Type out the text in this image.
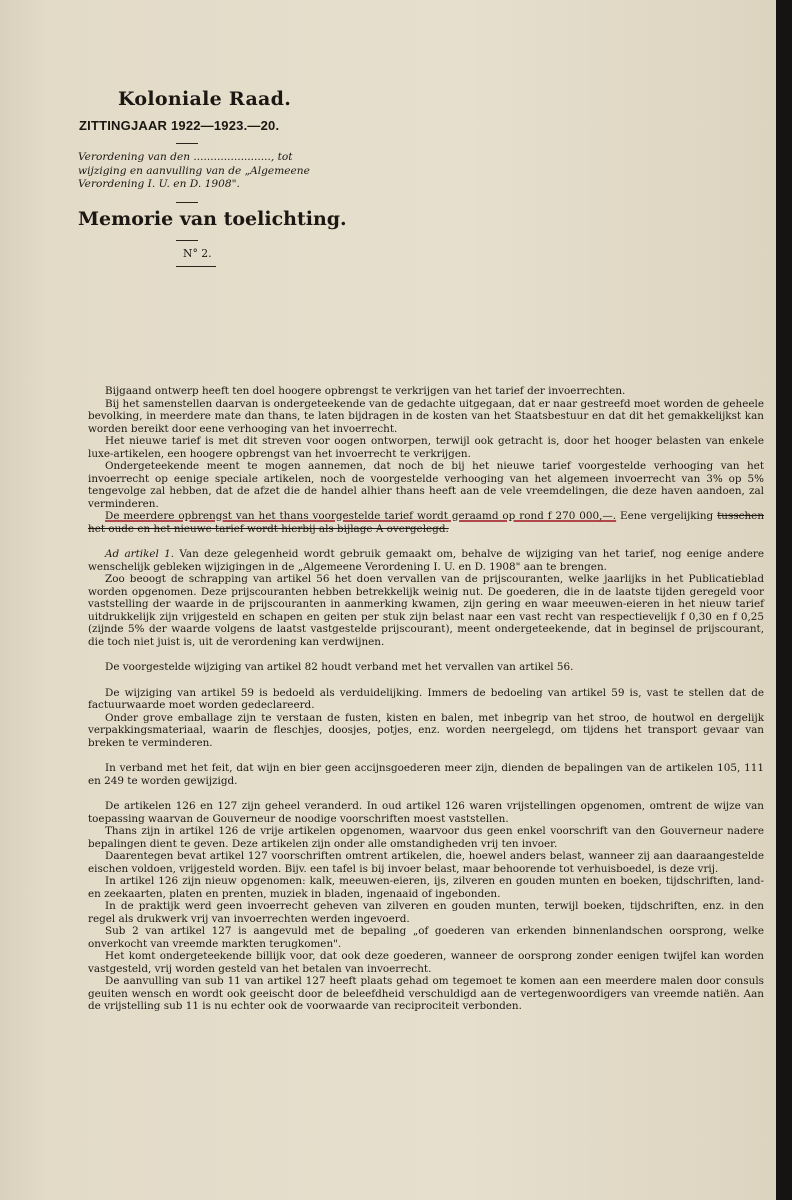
Koloniale Raad.
ZITTINGJAAR 1922—1923.—20.
Verordening van den ......................., tot wijziging en aanvulling van de „Algemeene Verordening I. U. en D. 1908".
Memorie van toelichting.
N° 2.

Bijgaand ontwerp heeft ten doel hoogere opbrengst te verkrijgen van het tarief der invoerrechten.

Bij het samenstellen daarvan is ondergeteekende van de gedachte uitgegaan, dat er naar gestreefd moet worden de geheele bevolking, in meerdere mate dan thans, te laten bijdragen in de kosten van het Staatsbestuur en dat dit het gemakkelijkst kan worden bereikt door eene verhooging van het invoerrecht.

Het nieuwe tarief is met dit streven voor oogen ontworpen, terwijl ook getracht is, door het hooger belasten van enkele luxe-artikelen, een hoogere opbrengst van het invoerrecht te verkrijgen.

Ondergeteekende meent te mogen aannemen, dat noch de bij het nieuwe tarief voorgestelde verhooging van het invoerrecht op eenige speciale artikelen, noch de voorgestelde verhooging van het algemeen invoerrecht van 3% op 5% tengevolge zal hebben, dat de afzet die de handel alhier thans heeft aan de vele vreemdelingen, die deze haven aandoen, zal verminderen.

De meerdere opbrengst van het thans voorgestelde tarief wordt geraamd op rond f 270 000,—. Eene vergelijking tusschen het oude en het nieuwe tarief wordt hierbij als bijlage A overgelegd.

Ad artikel 1. Van deze gelegenheid wordt gebruik gemaakt om, behalve de wijziging van het tarief, nog eenige andere wenschelijk gebleken wijzigingen in de „Algemeene Verordening I. U. en D. 1908" aan te brengen.

Zoo beoogt de schrapping van artikel 56 het doen vervallen van de prijscouranten, welke jaarlijks in het Publicatieblad worden opgenomen. Deze prijscouranten hebben betrekkelijk weinig nut. De goederen, die in de laatste tijden geregeld voor vaststelling der waarde in de prijscouranten in aanmerking kwamen, zijn gering en waar meeuwen-eieren in het nieuw tarief uitdrukkelijk zijn vrijgesteld en schapen en geiten per stuk zijn belast naar een vast recht van respectievelijk f 0,30 en f 0,25 (zijnde 5% der waarde volgens de laatst vastgestelde prijscourant), meent ondergeteekende, dat in beginsel de prijscourant, die toch niet juist is, uit de verordening kan verdwijnen.

De voorgestelde wijziging van artikel 82 houdt verband met het vervallen van artikel 56.

De wijziging van artikel 59 is bedoeld als verduidelijking. Immers de bedoeling van artikel 59 is, vast te stellen dat de factuurwaarde moet worden gedeclareerd.

Onder grove emballage zijn te verstaan de fusten, kisten en balen, met inbegrip van het stroo, de houtwol en dergelijk verpakkingsmateriaal, waarin de fleschjes, doosjes, potjes, enz. worden neergelegd, om tijdens het transport gevaar van breken te verminderen.

In verband met het feit, dat wijn en bier geen accijnsgoederen meer zijn, dienden de bepalingen van de artikelen 105, 111 en 249 te worden gewijzigd.

De artikelen 126 en 127 zijn geheel veranderd. In oud artikel 126 waren vrijstellingen opgenomen, omtrent de wijze van toepassing waarvan de Gouverneur de noodige voorschriften moest vaststellen.

Thans zijn in artikel 126 de vrije artikelen opgenomen, waarvoor dus geen enkel voorschrift van den Gouverneur nadere bepalingen dient te geven. Deze artikelen zijn onder alle omstandigheden vrij ten invoer.

Daarentegen bevat artikel 127 voorschriften omtrent artikelen, die, hoewel anders belast, wanneer zij aan daaraangestelde eischen voldoen, vrijgesteld worden. Bijv. een tafel is bij invoer belast, maar behoorende tot verhuisboedel, is deze vrij.

In artikel 126 zijn nieuw opgenomen: kalk, meeuwen-eieren, ijs, zilveren en gouden munten en boeken, tijdschriften, land- en zeekaarten, platen en prenten, muziek in bladen, ingenaaid of ingebonden.

In de praktijk werd geen invoerrecht geheven van zilveren en gouden munten, terwijl boeken, tijdschriften, enz. in den regel als drukwerk vrij van invoerrechten werden ingevoerd.

Sub 2 van artikel 127 is aangevuld met de bepaling „of goederen van erkenden binnenlandschen oorsprong, welke onverkocht van vreemde markten terugkomen".

Het komt ondergeteekende billijk voor, dat ook deze goederen, wanneer de oorsprong zonder eenigen twijfel kan worden vastgesteld, vrij worden gesteld van het betalen van invoerrecht.

De aanvulling van sub 11 van artikel 127 heeft plaats gehad om tegemoet te komen aan een meerdere malen door consuls geuiten wensch en wordt ook geeischt door de beleefdheid verschuldigd aan de vertegenwoordigers van vreemde natiën. Aan de vrijstelling sub 11 is nu echter ook de voorwaarde van reciprociteit verbonden.
